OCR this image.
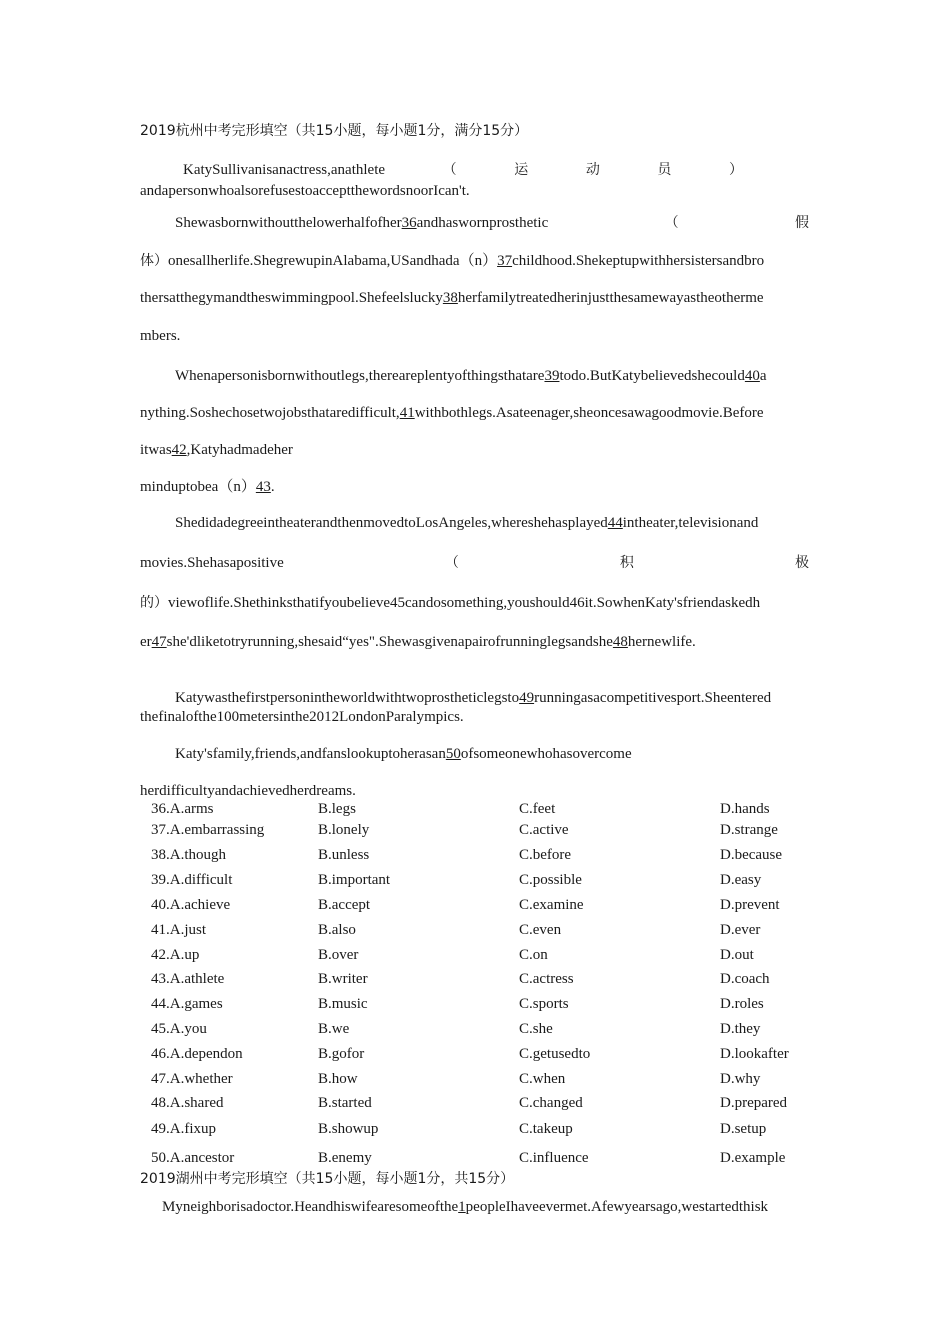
2019杭州中考完形填空（共15小题，每小题1分，满分15分）
KatySullivanisanactress,anathlete	（	运	动	员	）
andapersonwhoalsorefusestoacceptthewordsnoorIcan't.
Shewasbornwithoutthelowerhalfofher36andhaswornprosthetic	（	假
体）onesallherlife.ShegrewupinAlabama,USandhada（n）37childhood.Shekeptupwithhersistersandbro
thersatthegymandtheswimmingpool.Shefeelslucky38herfamilytreatedherinjustthesamewayastheotherme
mbers.
Whenapersonisbornwithoutlegs,thereareplentyofthingsthatare39todo.ButKatybelievedshecould40a
nything.Soshechosetwojobsthataredifficult,41withbothlegs.Asateenager,sheoncesawagoodmovie.Before
itwas42,Katyhadmadeher
minduptobea（n）43.
ShedidadegreeintheaterandthenmovedtoLosAngeles,whereshehasplayed44intheater,televisionand
movies.Shehasapositive	（	积	极
的）viewoflife.Shethinksthatifyoubelieve45candosomething,youshould46it.SowhenKaty'sfriendaskedh
er47she'dliketotryrunning,shesaid“yes".Shewasgivenapairofrunninglegsandshe48hernewlife.
Katywasthefirstpersonintheworldwithtwoprostheticlegsto49runningasacompetitivesport.Sheentered
thefinalofthe100metersinthe2012LondonParalympics.
Katy'sfamily,friends,andfanslookuptoherasan50ofsomeonewhohasovercome
herdifficultyandachievedherdreams.
36.A.arms	B.legs	C.feet	D.hands
37.A.embarrassing	B.lonely	C.active	D.strange
38.A.though	B.unless	C.before	D.because
39.A.difficult	B.important	C.possible	D.easy
40.A.achieve	B.accept	C.examine	D.prevent
41.A.just	B.also	C.even	D.ever
42.A.up	B.over	C.on	D.out
43.A.athlete	B.writer	C.actress	D.coach
44.A.games	B.music	C.sports	D.roles
45.A.you	B.we	C.she	D.they
46.A.dependon	B.gofor	C.getusedto	D.lookafter
47.A.whether	B.how	C.when	D.why
48.A.shared	B.started	C.changed	D.prepared
49.A.fixup	B.showup	C.takeup	D.setup
50.A.ancestor	B.enemy	C.influence	D.example
2019湖州中考完形填空（共15小题，每小题1分，共15分）
Myneighborisadoctor.Heandhiswifearesomeofthe1peopleIhaveevermet.Afewyearsago,westartedthisk
